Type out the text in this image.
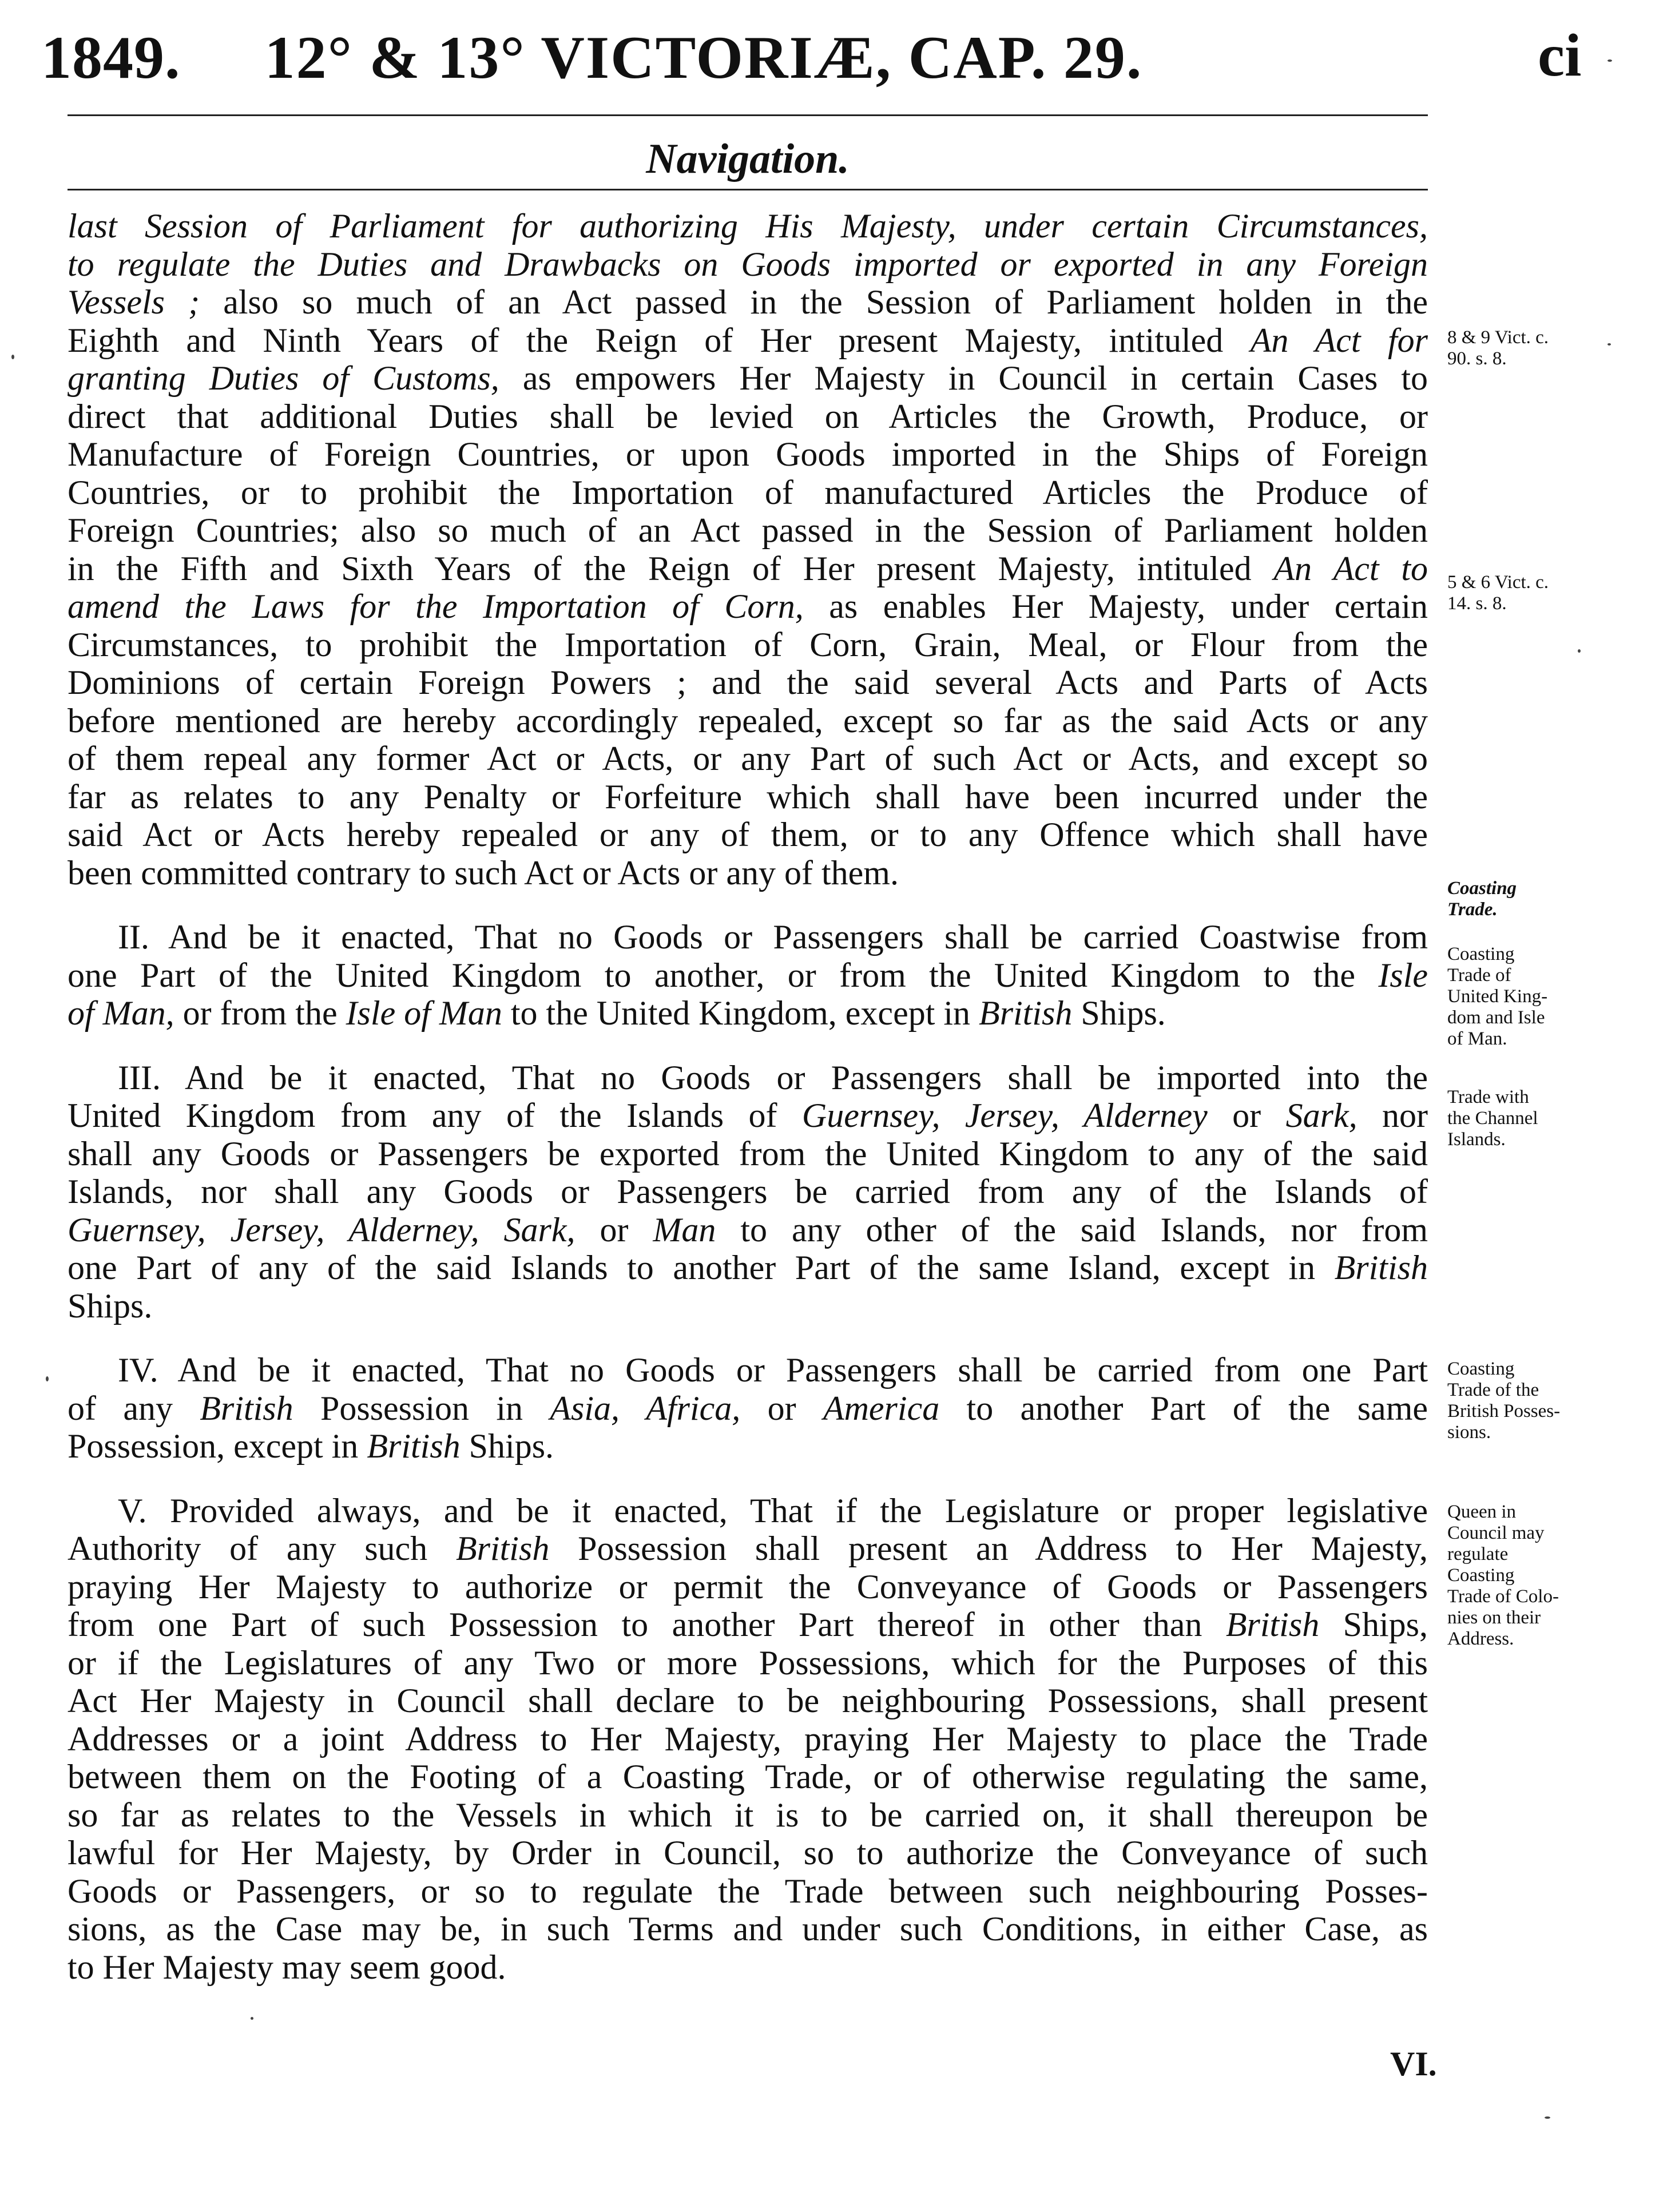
1849.	12° & 13° VICTORIÆ, CAP. 29.	ci
Navigation.
last Session of Parliament for authorizing His Majesty, under certain Circumstances,
to regulate the Duties and Drawbacks on Goods imported or exported in any Foreign
Vessels ; also so much of an Act passed in the Session of Parliament holden in the
Eighth and Ninth Years of the Reign of Her present Majesty, intituled An Act for
granting Duties of Customs, as empowers Her Majesty in Council in certain Cases to
direct that additional Duties shall be levied on Articles the Growth, Produce, or
Manufacture of Foreign Countries, or upon Goods imported in the Ships of Foreign
Countries, or to prohibit the Importation of manufactured Articles the Produce of
Foreign Countries; also so much of an Act passed in the Session of Parliament holden
in the Fifth and Sixth Years of the Reign of Her present Majesty, intituled An Act to
amend the Laws for the Importation of Corn, as enables Her Majesty, under certain
Circumstances, to prohibit the Importation of Corn, Grain, Meal, or Flour from the
Dominions of certain Foreign Powers ; and the said several Acts and Parts of Acts
before mentioned are hereby accordingly repealed, except so far as the said Acts or any
of them repeal any former Act or Acts, or any Part of such Act or Acts, and except so
far as relates to any Penalty or Forfeiture which shall have been incurred under the
said Act or Acts hereby repealed or any of them, or to any Offence which shall have
been committed contrary to such Act or Acts or any of them.
II. And be it enacted, That no Goods or Passengers shall be carried Coastwise from
one Part of the United Kingdom to another, or from the United Kingdom to the Isle
of Man, or from the Isle of Man to the United Kingdom, except in British Ships.
III. And be it enacted, That no Goods or Passengers shall be imported into the
United Kingdom from any of the Islands of Guernsey, Jersey, Alderney or Sark, nor
shall any Goods or Passengers be exported from the United Kingdom to any of the said
Islands, nor shall any Goods or Passengers be carried from any of the Islands of
Guernsey, Jersey, Alderney, Sark, or Man to any other of the said Islands, nor from
one Part of any of the said Islands to another Part of the same Island, except in British
Ships.
IV. And be it enacted, That no Goods or Passengers shall be carried from one Part
of any British Possession in Asia, Africa, or America to another Part of the same
Possession, except in British Ships.
V. Provided always, and be it enacted, That if the Legislature or proper legislative
Authority of any such British Possession shall present an Address to Her Majesty,
praying Her Majesty to authorize or permit the Conveyance of Goods or Passengers
from one Part of such Possession to another Part thereof in other than British Ships,
or if the Legislatures of any Two or more Possessions, which for the Purposes of this
Act Her Majesty in Council shall declare to be neighbouring Possessions, shall present
Addresses or a joint Address to Her Majesty, praying Her Majesty to place the Trade
between them on the Footing of a Coasting Trade, or of otherwise regulating the same,
so far as relates to the Vessels in which it is to be carried on, it shall thereupon be
lawful for Her Majesty, by Order in Council, so to authorize the Conveyance of such
Goods or Passengers, or so to regulate the Trade between such neighbouring Posses-
sions, as the Case may be, in such Terms and under such Conditions, in either Case, as
to Her Majesty may seem good.
8 & 9 Vict. c.
90. s. 8.
5 & 6 Vict. c.
14. s. 8.
Coasting
Trade.
Coasting
Trade of
United King-
dom and Isle
of Man.
Trade with
the Channel
Islands.
Coasting
Trade of the
British Posses-
sions.
Queen in
Council may
regulate
Coasting
Trade of Colo-
nies on their
Address.
VI.
